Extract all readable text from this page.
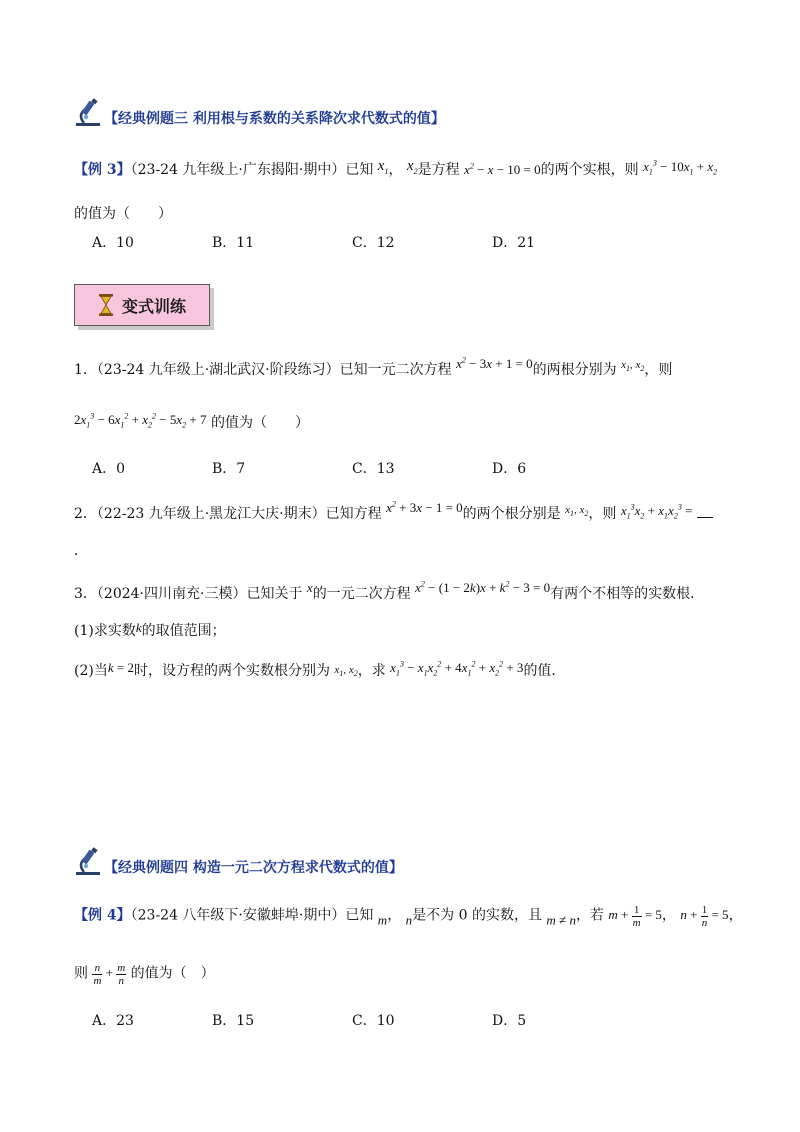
【经典例题三 利用根与系数的关系降次求代数式的值】
【例 3】（23-24 九年级上·广东揭阳·期中）已知 $x_1$， $x_2$是方程 $x^2 - x - 10 = 0$的两个实根，则 $x_1^3 - 10x_1 + x_2$
的值为（　　）
A．10	B．11	C．12	D．21
变式训练
1．（23-24 九年级上·湖北武汉·阶段练习）已知一元二次方程 $x^2 - 3x + 1 = 0$的两根分别为 $^{x_1, x_2}$，则
$2x_1^3 - 6x_1^2 + x_2^2 - 5x_2 + 7$ 的值为（　　）
A．0	B．7	C．13	D．6
2．（22-23 九年级上·黑龙江大庆·期末）已知方程 $x^2 + 3x - 1 = 0$的两个根分别是 $^{x_1, x_2}$，则 $x_1^3x_2 + x_1x_2^3$ =
．
3．（2024·四川南充·三模）已知关于 x的一元二次方程 $x^2 - (1 - 2k)x + k^2 - 3 = 0$有两个不相等的实数根．
(1)求实数k的取值范围；
(2)当k = 2时，设方程的两个实数根分别为 $x_1$, $x_2$，求 $x_1^3 - x_1x_2^2 + 4x_1^2 + x_2^2 + 3$的值．
【经典例题四 构造一元二次方程求代数式的值】
【例 4】（23-24 八年级下·安徽蚌埠·期中）已知 m， n是不为 0 的实数，且 m ≠ n，若 $m + \frac{1}{m} = 5$， $n + \frac{1}{n} = 5$，
则 $\frac{n}{m} + \frac{m}{n}$ 的值为（　）
A．23	B．15	C．10	D．5
